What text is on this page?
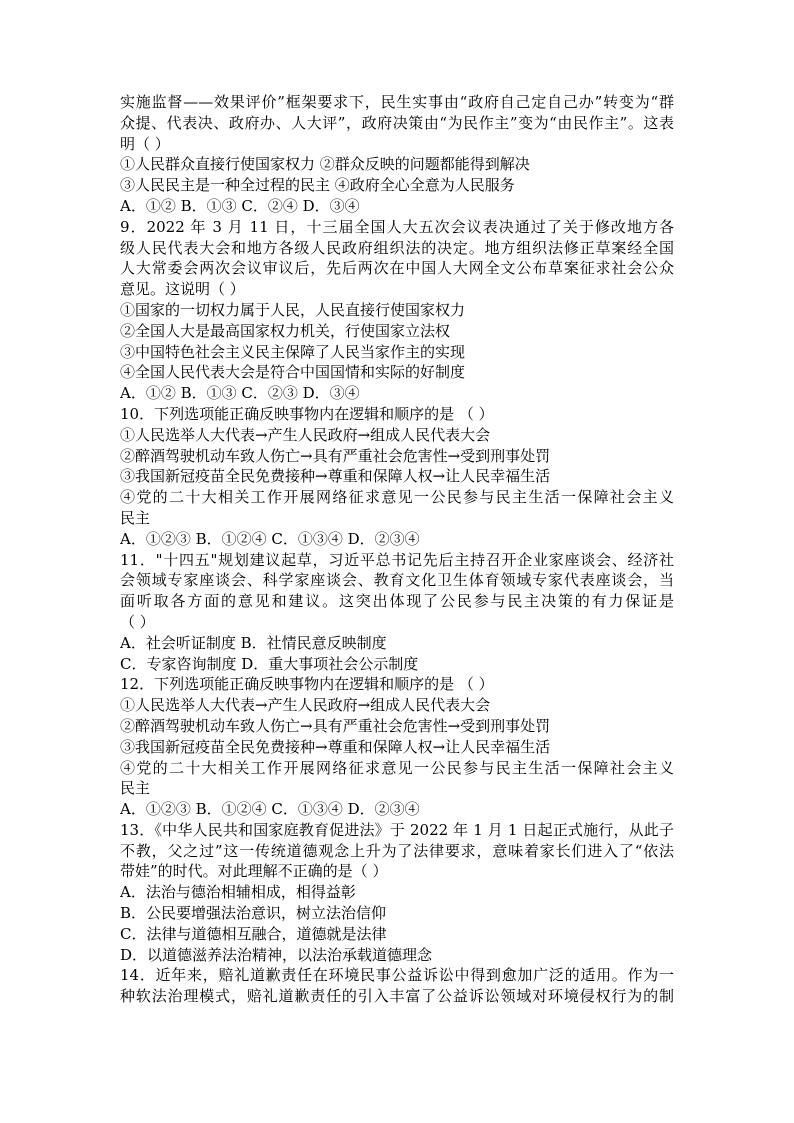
实施监督——效果评价”框架要求下，民生实事由“政府自己定自己办”转变为“群
众提、代表决、政府办、人大评”，政府决策由“为民作主”变为“由民作主”。这表
明（ ）
①人民群众直接行使国家权力 ②群众反映的问题都能得到解决
③人民民主是一种全过程的民主 ④政府全心全意为人民服务
A．①② B．①③ C．②④ D．③④
9．2022 年 3 月 11 日，十三届全国人大五次会议表决通过了关于修改地方各
级人民代表大会和地方各级人民政府组织法的决定。地方组织法修正草案经全国
人大常委会两次会议审议后，先后两次在中国人大网全文公布草案征求社会公众
意见。这说明（ ）
①国家的一切权力属于人民，人民直接行使国家权力
②全国人大是最高国家权力机关，行使国家立法权
③中国特色社会主义民主保障了人民当家作主的实现
④全国人民代表大会是符合中国国情和实际的好制度
A．①② B．①③ C．②③ D．③④
10．下列选项能正确反映事物内在逻辑和顺序的是 （ ）
①人民选举人大代表→产生人民政府→组成人民代表大会
②醉酒驾驶机动车致人伤亡→具有严重社会危害性→受到刑事处罚
③我国新冠疫苗全民免费接种→尊重和保障人权→让人民幸福生活
④党的二十大相关工作开展网络征求意见一公民参与民主生活一保障社会主义
民主
A．①②③ B．①②④ C．①③④ D．②③④
11．"十四五"规划建议起草，习近平总书记先后主持召开企业家座谈会、经济社
会领域专家座谈会、科学家座谈会、教育文化卫生体育领域专家代表座谈会，当
面听取各方面的意见和建议。这突出体现了公民参与民主决策的有力保证是
（ ）
A．社会听证制度 B．社情民意反映制度
C．专家咨询制度 D．重大事项社会公示制度
12．下列选项能正确反映事物内在逻辑和顺序的是 （ ）
①人民选举人大代表→产生人民政府→组成人民代表大会
②醉酒驾驶机动车致人伤亡→具有严重社会危害性→受到刑事处罚
③我国新冠疫苗全民免费接种→尊重和保障人权→让人民幸福生活
④党的二十大相关工作开展网络征求意见一公民参与民主生活一保障社会主义
民主
A．①②③ B．①②④ C．①③④ D．②③④
13．《中华人民共和国家庭教育促进法》于 2022 年 1 月 1 日起正式施行，从此子
不教，父之过”这一传统道德观念上升为了法律要求，意味着家长们进入了“依法
带娃”的时代。对此理解不正确的是（ ）
A．法治与德治相辅相成，相得益彰
B．公民要增强法治意识，树立法治信仰
C．法律与道德相互融合，道德就是法律
D．以道德滋养法治精神，以法治承载道德理念
14．近年来，赔礼道歉责任在环境民事公益诉讼中得到愈加广泛的适用。作为一
种软法治理模式，赔礼道歉责任的引入丰富了公益诉讼领域对环境侵权行为的制
